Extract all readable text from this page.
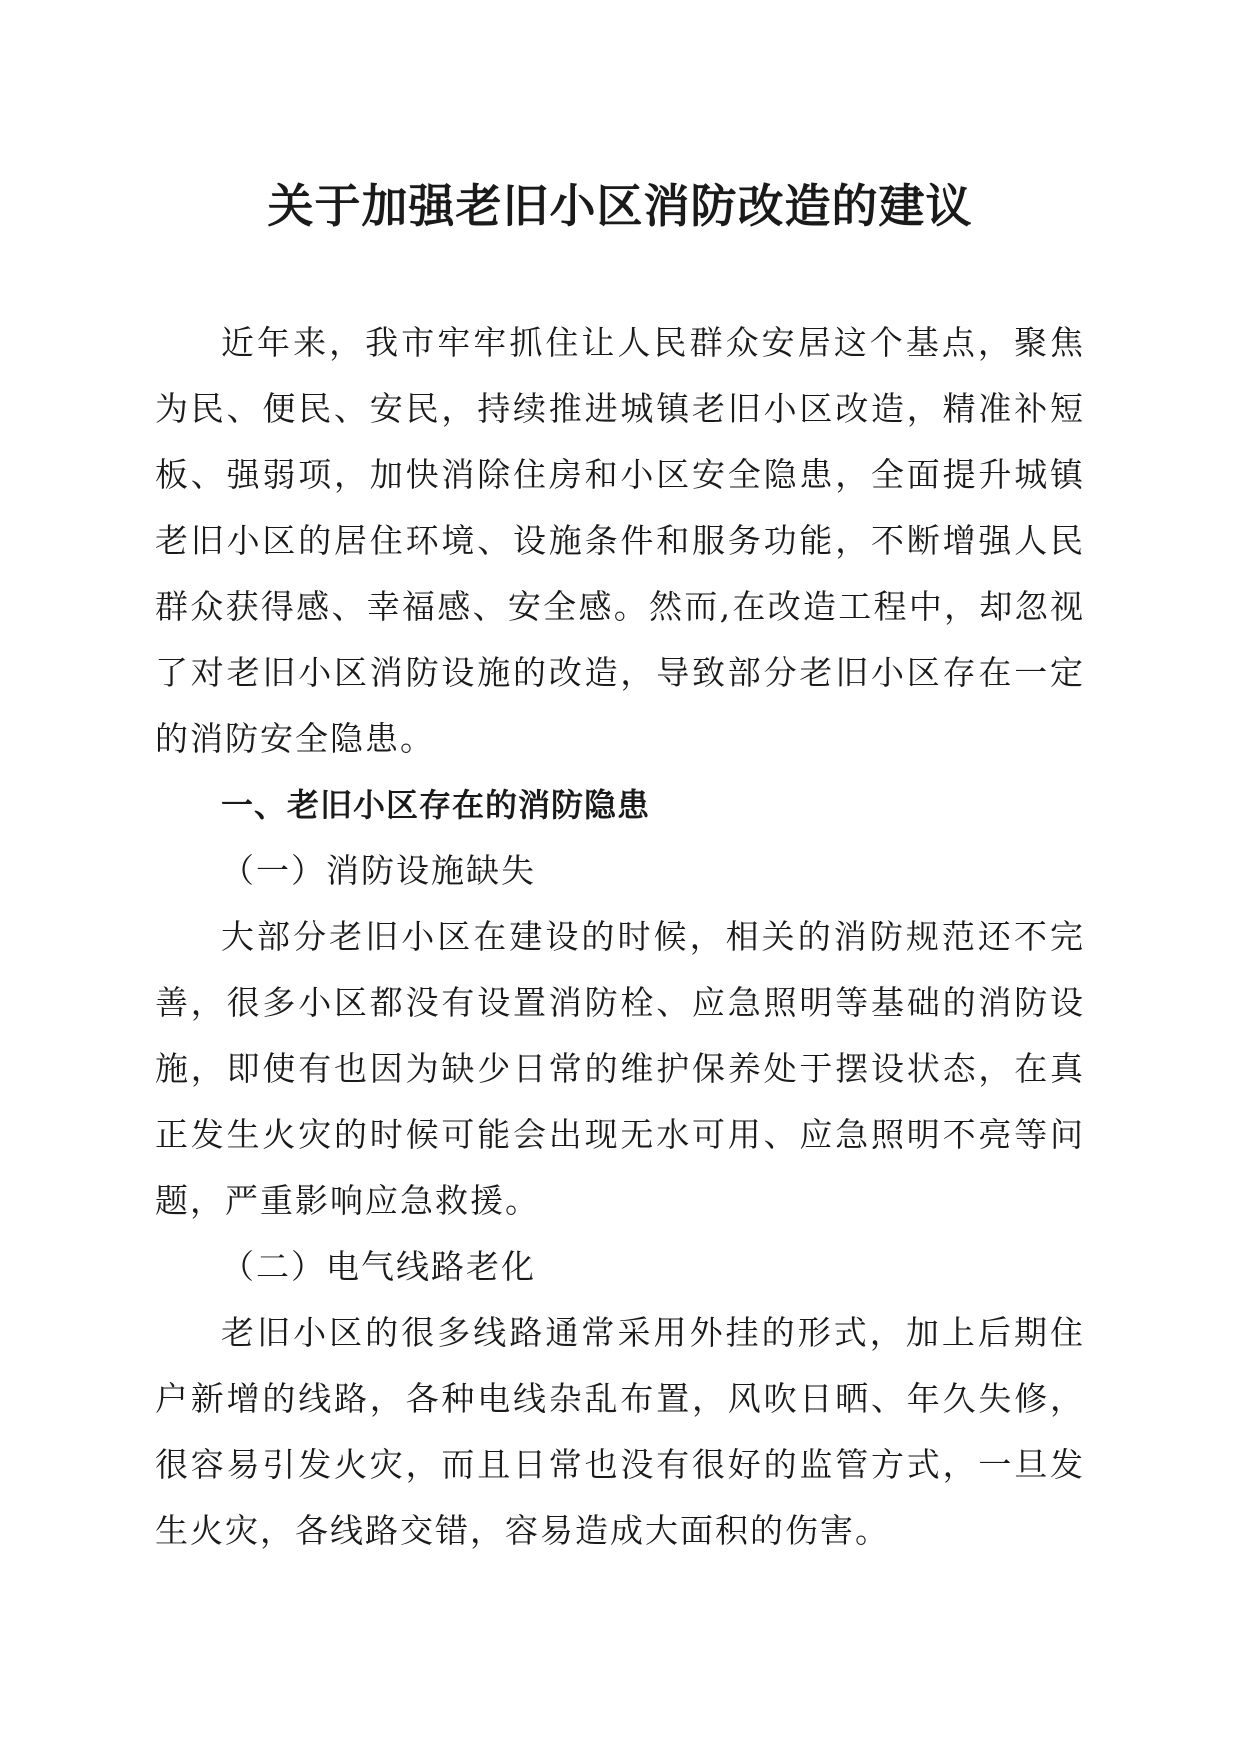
关于加强老旧小区消防改造的建议

近年来，我市牢牢抓住让人民群众安居这个基点，聚焦为民、便民、安民，持续推进城镇老旧小区改造，精准补短板、强弱项，加快消除住房和小区安全隐患，全面提升城镇老旧小区的居住环境、设施条件和服务功能，不断增强人民群众获得感、幸福感、安全感。然而,在改造工程中，却忽视了对老旧小区消防设施的改造，导致部分老旧小区存在一定的消防安全隐患。

一、老旧小区存在的消防隐患

（一）消防设施缺失

大部分老旧小区在建设的时候，相关的消防规范还不完善，很多小区都没有设置消防栓、应急照明等基础的消防设施，即使有也因为缺少日常的维护保养处于摆设状态，在真正发生火灾的时候可能会出现无水可用、应急照明不亮等问题，严重影响应急救援。

（二）电气线路老化

老旧小区的很多线路通常采用外挂的形式，加上后期住户新增的线路，各种电线杂乱布置，风吹日晒、年久失修，很容易引发火灾，而且日常也没有很好的监管方式，一旦发生火灾，各线路交错，容易造成大面积的伤害。
